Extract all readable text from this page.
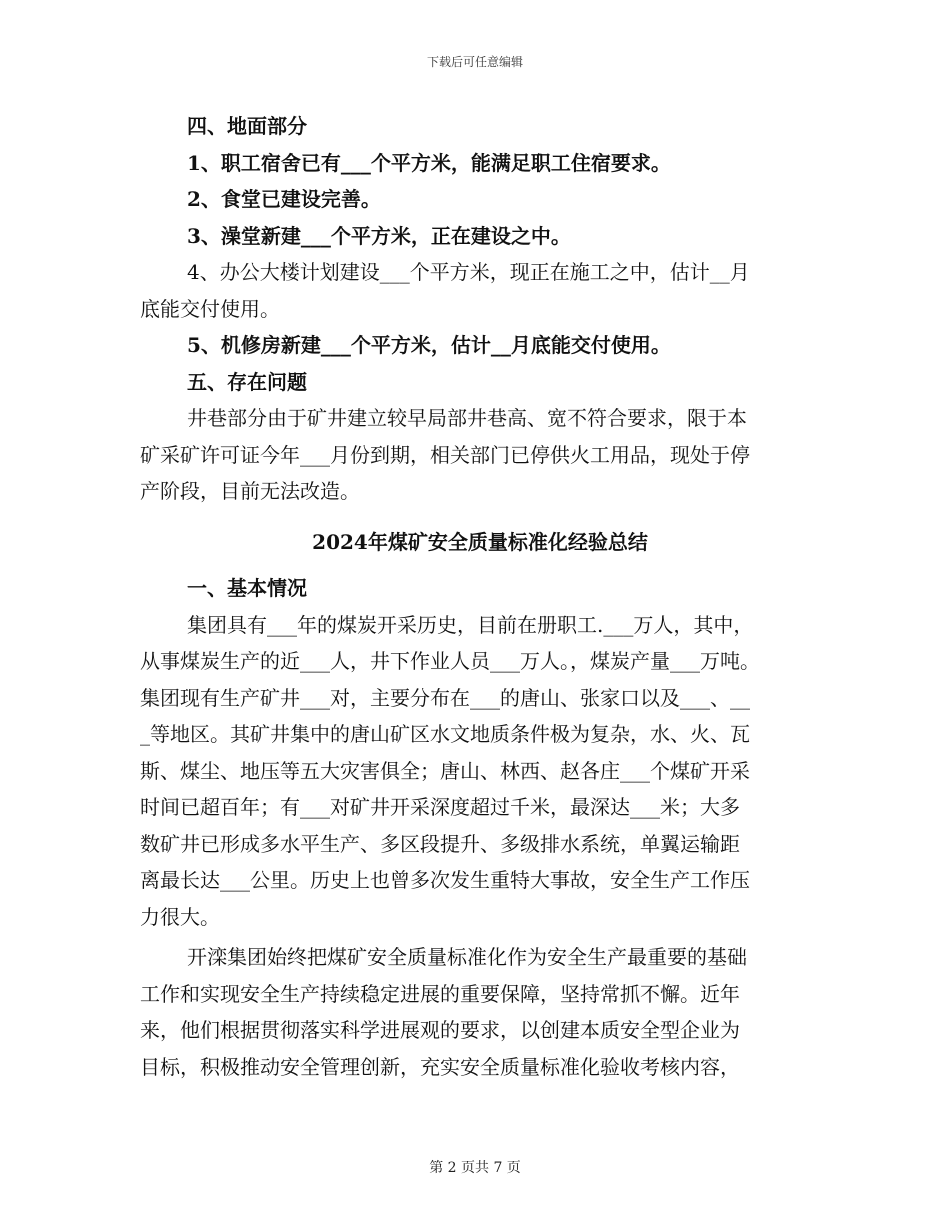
下载后可任意编辑

四、地面部分

1、职工宿舍已有___个平方米，能满足职工住宿要求。

2、食堂已建设完善。

3、澡堂新建___个平方米，正在建设之中。

4、办公大楼计划建设___个平方米，现正在施工之中，估计__月

底能交付使用。

5、机修房新建___个平方米，估计__月底能交付使用。

五、存在问题

井巷部分由于矿井建立较早局部井巷高、宽不符合要求，限于本

矿采矿许可证今年___月份到期，相关部门已停供火工用品，现处于停

产阶段，目前无法改造。

2024年煤矿安全质量标准化经验总结

一、基本情况

集团具有___年的煤炭开采历史，目前在册职工.___万人，其中，

从事煤炭生产的近___人，井下作业人员___万人。，煤炭产量___万吨。

集团现有生产矿井___对，主要分布在___的唐山、张家口以及___、__

_等地区。其矿井集中的唐山矿区水文地质条件极为复杂，水、火、瓦

斯、煤尘、地压等五大灾害俱全；唐山、林西、赵各庄___个煤矿开采

时间已超百年；有___对矿井开采深度超过千米，最深达___米；大多

数矿井已形成多水平生产、多区段提升、多级排水系统，单翼运输距

离最长达___公里。历史上也曾多次发生重特大事故，安全生产工作压

力很大。

开滦集团始终把煤矿安全质量标准化作为安全生产最重要的基础

工作和实现安全生产持续稳定进展的重要保障，坚持常抓不懈。近年

来，他们根据贯彻落实科学进展观的要求，以创建本质安全型企业为

目标，积极推动安全管理创新，充实安全质量标准化验收考核内容，

第 2 页共 7 页
